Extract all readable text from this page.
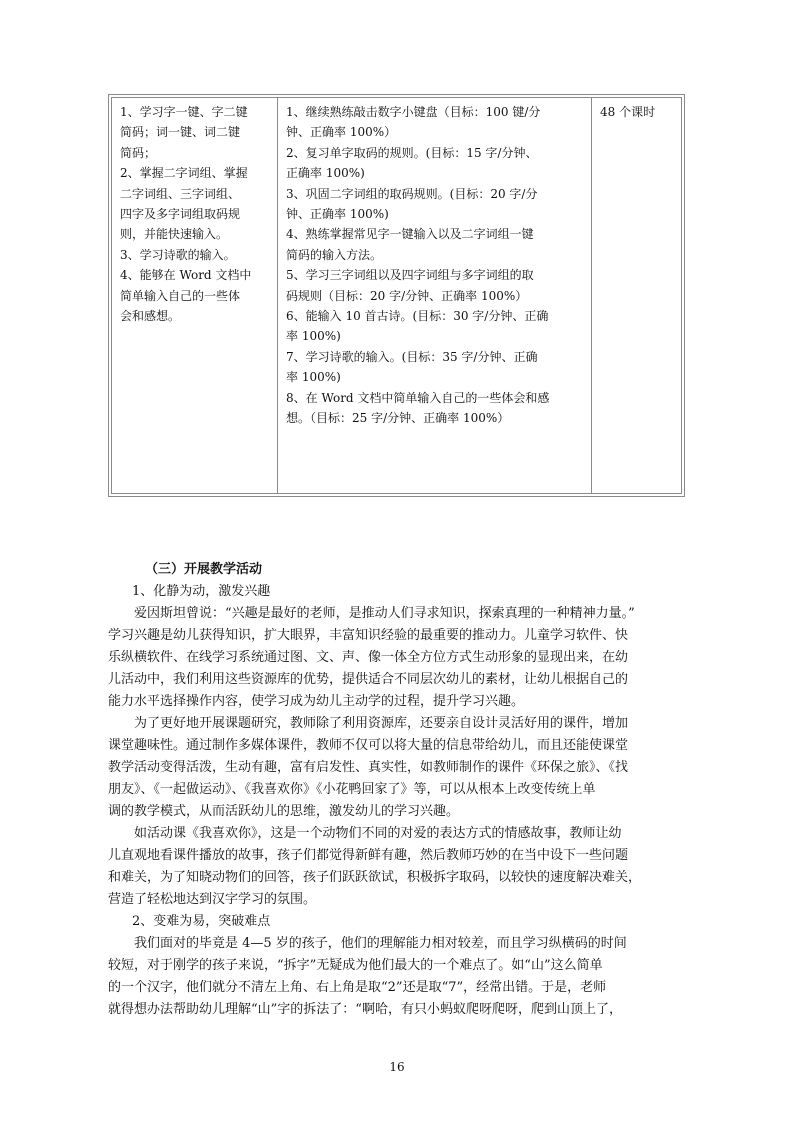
1、学习字一键、字二键
简码；词一键、词二键
简码；
2、掌握二字词组、掌握
二字词组、三字词组、
四字及多字词组取码规
则，并能快速输入。
3、学习诗歌的输入。
4、能够在 Word 文档中
简单输入自己的一些体
会和感想。
1、继续熟练敲击数字小键盘（目标：100 键/分
钟、正确率 100%）
2、复习单字取码的规则。(目标：15 字/分钟、
正确率 100%)
3、巩固二字词组的取码规则。(目标：20 字/分
钟、正确率 100%)
4、熟练掌握常见字一键输入以及二字词组一键
简码的输入方法。
5、学习三字词组以及四字词组与多字词组的取
码规则（目标：20 字/分钟、正确率 100%）
6、能输入 10 首古诗。(目标：30 字/分钟、正确
率 100%)
7、学习诗歌的输入。(目标：35 字/分钟、正确
率 100%)
8、在 Word 文档中简单输入自己的一些体会和感
想。（目标：25 字/分钟、正确率 100%）
48 个课时
（三）开展教学活动
1、化静为动，激发兴趣
爱因斯坦曾说：“兴趣是最好的老师，是推动人们寻求知识，探索真理的一种精神力量。”
学习兴趣是幼儿获得知识，扩大眼界，丰富知识经验的最重要的推动力。儿童学习软件、快
乐纵横软件、在线学习系统通过图、文、声、像一体全方位方式生动形象的显现出来，在幼
儿活动中，我们利用这些资源库的优势，提供适合不同层次幼儿的素材，让幼儿根据自己的
能力水平选择操作内容，使学习成为幼儿主动学的过程，提升学习兴趣。
为了更好地开展课题研究，教师除了利用资源库，还要亲自设计灵活好用的课件，增加
课堂趣味性。通过制作多媒体课件，教师不仅可以将大量的信息带给幼儿，而且还能使课堂
教学活动变得活泼，生动有趣，富有启发性、真实性，如教师制作的课件《环保之旅》、《找
朋友》、《一起做运动》、《我喜欢你》《小花鸭回家了》等，可以从根本上改变传统上单
调的教学模式，从而活跃幼儿的思维，激发幼儿的学习兴趣。
如活动课《我喜欢你》，这是一个动物们不同的对爱的表达方式的情感故事，教师让幼
儿直观地看课件播放的故事，孩子们都觉得新鲜有趣，然后教师巧妙的在当中设下一些问题
和难关，为了知晓动物们的回答，孩子们跃跃欲试，积极拆字取码，以较快的速度解决难关，
营造了轻松地达到汉字学习的氛围。
2、变难为易，突破难点
我们面对的毕竟是 4—5 岁的孩子，他们的理解能力相对较差，而且学习纵横码的时间
较短，对于刚学的孩子来说，“拆字”无疑成为他们最大的一个难点了。如“山”这么简单
的一个汉字，他们就分不清左上角、右上角是取“2”还是取“7”，经常出错。于是，老师
就得想办法帮助幼儿理解“山”字的拆法了：“啊哈，有只小蚂蚁爬呀爬呀，爬到山顶上了，
16
